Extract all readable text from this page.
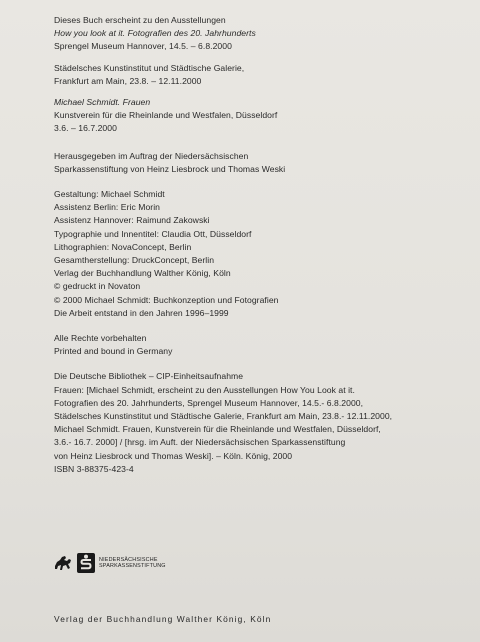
Dieses Buch erscheint zu den Ausstellungen
How you look at it. Fotografien des 20. Jahrhunderts
Sprengel Museum Hannover, 14.5. – 6.8.2000
Städelsches Kunstinstitut und Städtische Galerie,
Frankfurt am Main, 23.8. – 12.11.2000
Michael Schmidt. Frauen
Kunstverein für die Rheinlande und Westfalen, Düsseldorf
3.6. – 16.7.2000
Herausgegeben im Auftrag der Niedersächsischen
Sparkassenstiftung von Heinz Liesbrock und Thomas Weski
Gestaltung: Michael Schmidt
Assistenz Berlin: Eric Morin
Assistenz Hannover: Raimund Zakowski
Typographie und Innentitel: Claudia Ott, Düsseldorf
Lithographien: NovaConcept, Berlin
Gesamtherstellung: DruckConcept, Berlin
Verlag der Buchhandlung Walther König, Köln
© gedruckt in Novaton
© 2000 Michael Schmidt: Buchkonzeption und Fotografien
Die Arbeit entstand in den Jahren 1996–1999
Alle Rechte vorbehalten
Printed and bound in Germany
Die Deutsche Bibliothek – CIP-Einheitsaufnahme
Frauen: [Michael Schmidt, erscheint zu den Ausstellungen How You Look at it.
Fotografien des 20. Jahrhunderts, Sprengel Museum Hannover, 14.5.- 6.8.2000,
Städelsches Kunstinstitut und Städtische Galerie, Frankfurt am Main, 23.8.- 12.11.2000,
Michael Schmidt. Frauen, Kunstverein für die Rheinlande und Westfalen, Düsseldorf,
3.6.- 16.7. 2000] / [hrsg. im Auft. der Niedersächsischen Sparkassenstiftung
von Heinz Liesbrock und Thomas Weski]. – Köln. König, 2000
ISBN 3-88375-423-4
NIEDERSÄCHSISCHE
SPARKASSENSTIFTUNG
Verlag der Buchhandlung Walther König, Köln
